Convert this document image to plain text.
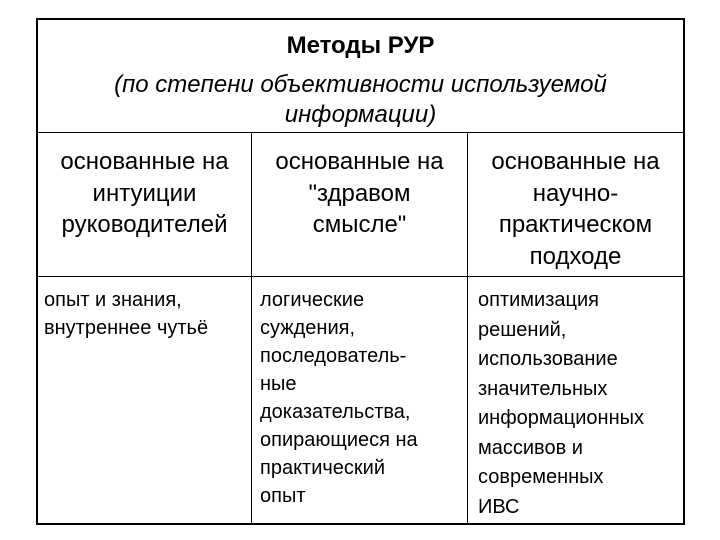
Методы РУР
(по степени объективности используемой
информации)
основанные на
интуиции
руководителей
основанные на
"здравом
смысле"
основанные на
научно-
практическом
подходе
опыт и знания,
внутреннее чутьё
логические
суждения,
последователь-
ные
доказательства,
опирающиеся на
практический
опыт
оптимизация
решений,
использование
значительных
информационных
массивов и
современных
ИВС
